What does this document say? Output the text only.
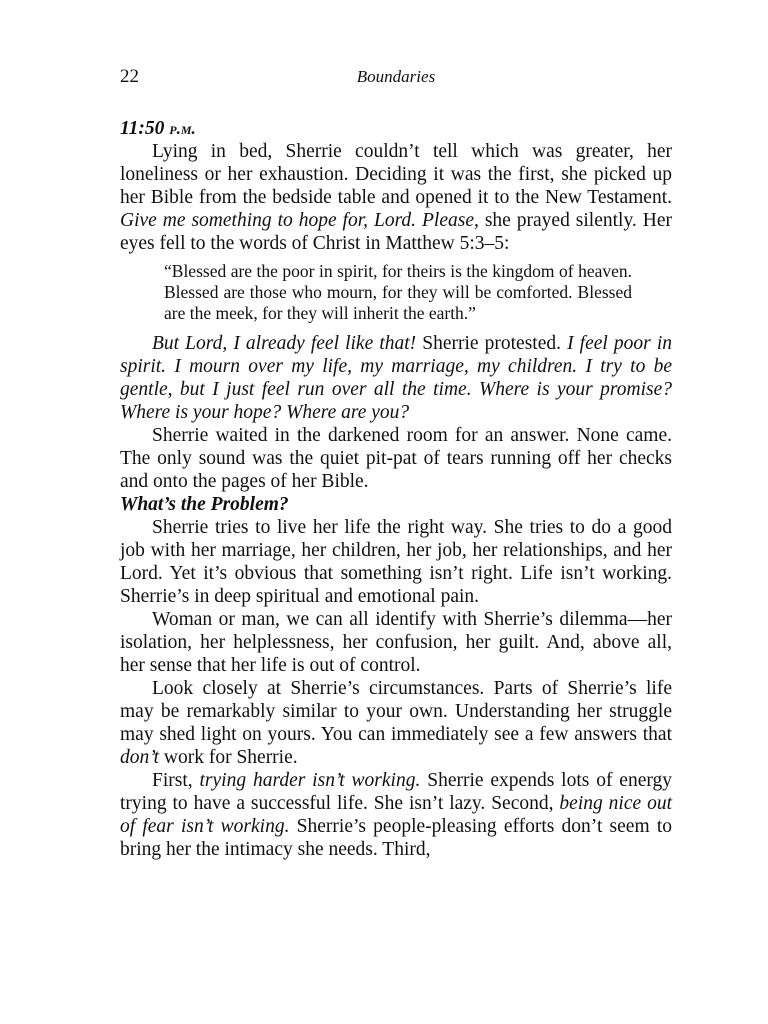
22	Boundaries
11:50 p.m.

Lying in bed, Sherrie couldn’t tell which was greater, her loneliness or her exhaustion. Deciding it was the first, she picked up her Bible from the bedside table and opened it to the New Testament. Give me something to hope for, Lord. Please, she prayed silently. Her eyes fell to the words of Christ in Matthew 5:3–5:

“Blessed are the poor in spirit, for theirs is the kingdom of heaven. Blessed are those who mourn, for they will be comforted. Blessed are the meek, for they will inherit the earth.”

But Lord, I already feel like that! Sherrie protested. I feel poor in spirit. I mourn over my life, my marriage, my children. I try to be gentle, but I just feel run over all the time. Where is your promise? Where is your hope? Where are you?

Sherrie waited in the darkened room for an answer. None came. The only sound was the quiet pit-pat of tears running off her checks and onto the pages of her Bible.

What’s the Problem?

Sherrie tries to live her life the right way. She tries to do a good job with her marriage, her children, her job, her relationships, and her Lord. Yet it’s obvious that something isn’t right. Life isn’t working. Sherrie’s in deep spiritual and emotional pain.

Woman or man, we can all identify with Sherrie’s dilemma—her isolation, her helplessness, her confusion, her guilt. And, above all, her sense that her life is out of control.

Look closely at Sherrie’s circumstances. Parts of Sherrie’s life may be remarkably similar to your own. Understanding her struggle may shed light on yours. You can immediately see a few answers that don’t work for Sherrie.

First, trying harder isn’t working. Sherrie expends lots of energy trying to have a successful life. She isn’t lazy. Second, being nice out of fear isn’t working. Sherrie’s people-pleasing efforts don’t seem to bring her the intimacy she needs. Third,
